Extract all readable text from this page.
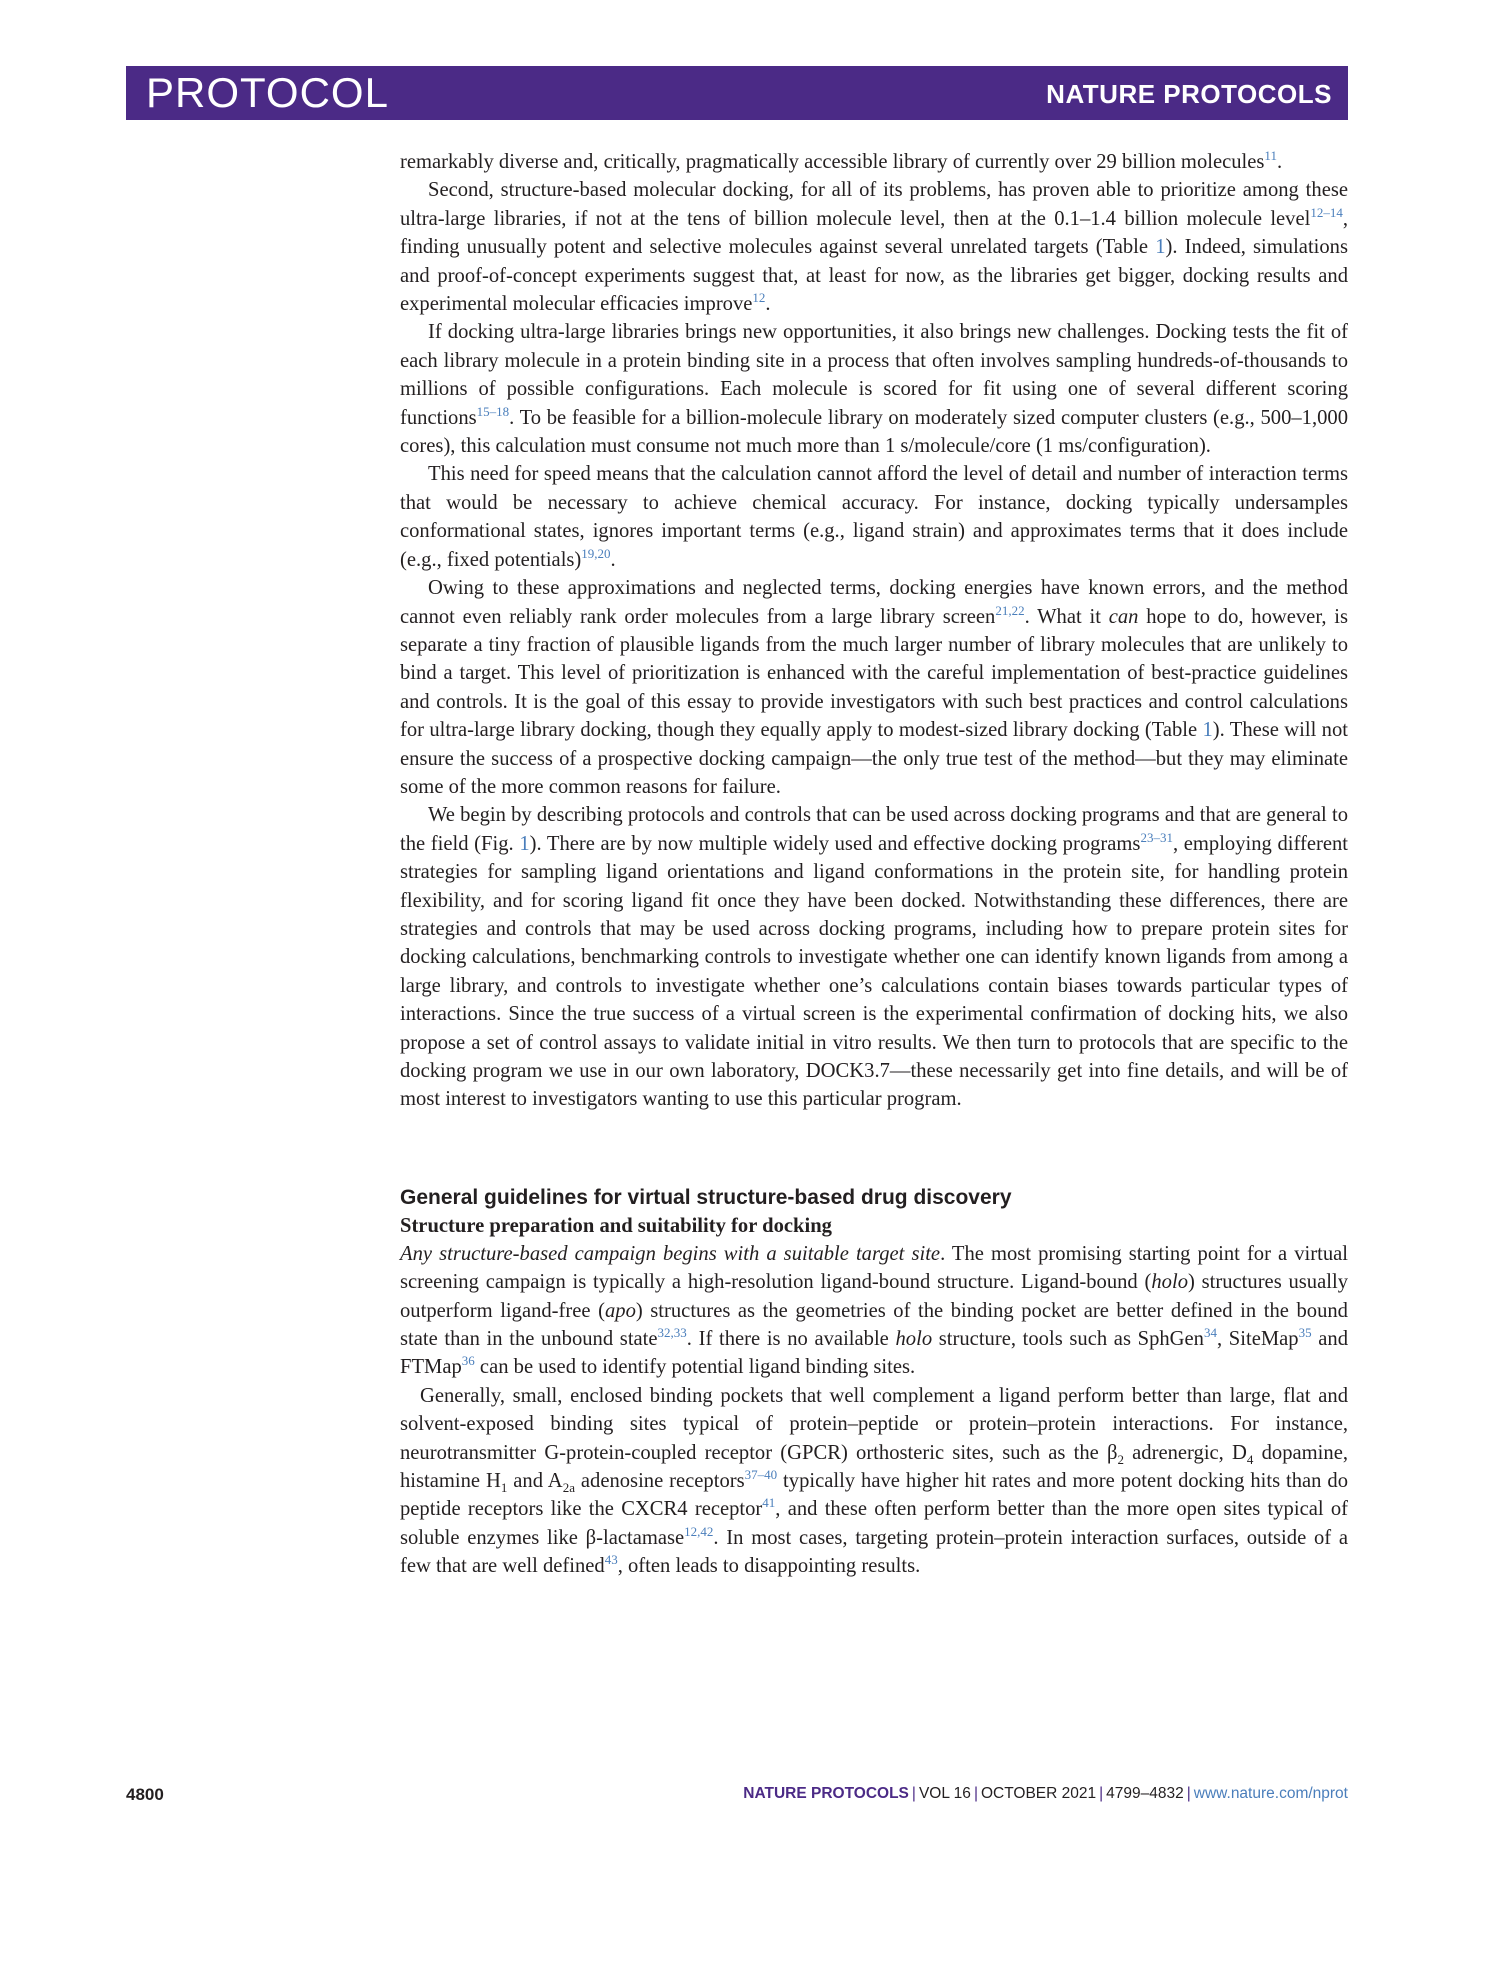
PROTOCOL	NATURE PROTOCOLS

remarkably diverse and, critically, pragmatically accessible library of currently over 29 billion molecules$^{11}$.

Second, structure-based molecular docking, for all of its problems, has proven able to prioritize among these ultra-large libraries, if not at the tens of billion molecule level, then at the 0.1–1.4 billion molecule level$^{12-14}$, finding unusually potent and selective molecules against several unrelated targets (Table 1). Indeed, simulations and proof-of-concept experiments suggest that, at least for now, as the libraries get bigger, docking results and experimental molecular efficacies improve$^{12}$.

If docking ultra-large libraries brings new opportunities, it also brings new challenges. Docking tests the fit of each library molecule in a protein binding site in a process that often involves sampling hundreds-of-thousands to millions of possible configurations. Each molecule is scored for fit using one of several different scoring functions$^{15-18}$. To be feasible for a billion-molecule library on moderately sized computer clusters (e.g., 500–1,000 cores), this calculation must consume not much more than 1 s/molecule/core (1 ms/configuration).

This need for speed means that the calculation cannot afford the level of detail and number of interaction terms that would be necessary to achieve chemical accuracy. For instance, docking typically undersamples conformational states, ignores important terms (e.g., ligand strain) and approximates terms that it does include (e.g., fixed potentials)$^{19,20}$.

Owing to these approximations and neglected terms, docking energies have known errors, and the method cannot even reliably rank order molecules from a large library screen$^{21,22}$. What it can hope to do, however, is separate a tiny fraction of plausible ligands from the much larger number of library molecules that are unlikely to bind a target. This level of prioritization is enhanced with the careful implementation of best-practice guidelines and controls. It is the goal of this essay to provide investigators with such best practices and control calculations for ultra-large library docking, though they equally apply to modest-sized library docking (Table 1). These will not ensure the success of a prospective docking campaign—the only true test of the method—but they may eliminate some of the more common reasons for failure.

We begin by describing protocols and controls that can be used across docking programs and that are general to the field (Fig. 1). There are by now multiple widely used and effective docking programs$^{23-31}$, employing different strategies for sampling ligand orientations and ligand conformations in the protein site, for handling protein flexibility, and for scoring ligand fit once they have been docked. Notwithstanding these differences, there are strategies and controls that may be used across docking programs, including how to prepare protein sites for docking calculations, benchmarking controls to investigate whether one can identify known ligands from among a large library, and controls to investigate whether one’s calculations contain biases towards particular types of interactions. Since the true success of a virtual screen is the experimental confirmation of docking hits, we also propose a set of control assays to validate initial in vitro results. We then turn to protocols that are specific to the docking program we use in our own laboratory, DOCK3.7—these necessarily get into fine details, and will be of most interest to investigators wanting to use this particular program.

General guidelines for virtual structure-based drug discovery
Structure preparation and suitability for docking

Any structure-based campaign begins with a suitable target site. The most promising starting point for a virtual screening campaign is typically a high-resolution ligand-bound structure. Ligand-bound (holo) structures usually outperform ligand-free (apo) structures as the geometries of the binding pocket are better defined in the bound state than in the unbound state$^{32,33}$. If there is no available holo structure, tools such as SphGen$^{34}$, SiteMap$^{35}$ and FTMap$^{36}$ can be used to identify potential ligand binding sites.

Generally, small, enclosed binding pockets that well complement a ligand perform better than large, flat and solvent-exposed binding sites typical of protein–peptide or protein–protein interactions. For instance, neurotransmitter G-protein-coupled receptor (GPCR) orthosteric sites, such as the $\beta_2$ adrenergic, $D_4$ dopamine, histamine $H_1$ and $A_{2a}$ adenosine receptors$^{37-40}$ typically have higher hit rates and more potent docking hits than do peptide receptors like the CXCR4 receptor$^{41}$, and these often perform better than the more open sites typical of soluble enzymes like β-lactamase$^{12,42}$. In most cases, targeting protein–protein interaction surfaces, outside of a few that are well defined$^{43}$, often leads to disappointing results.

4800	NATURE PROTOCOLS | VOL 16 | OCTOBER 2021 | 4799–4832 | www.nature.com/nprot
